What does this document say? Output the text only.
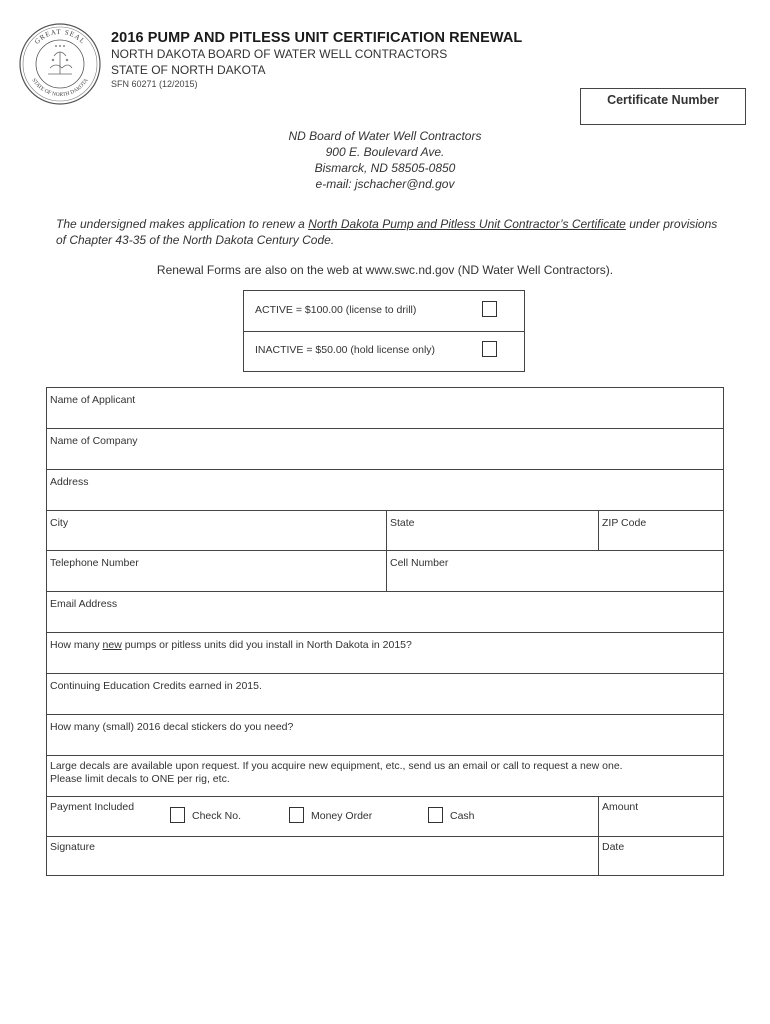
GREAT SEAL
STATE OF NORTH DAKOTA
2016 PUMP AND PITLESS UNIT CERTIFICATION RENEWAL
NORTH DAKOTA BOARD OF WATER WELL CONTRACTORS
STATE OF NORTH DAKOTA
SFN 60271 (12/2015)
Certificate Number
ND Board of Water Well Contractors
900 E. Boulevard Ave.
Bismarck, ND 58505-0850
e-mail: jschacher@nd.gov
The undersigned makes application to renew a North Dakota Pump and Pitless Unit Contractor’s Certificate under provisions of Chapter 43-35 of the North Dakota Century Code.
Renewal Forms are also on the web at www.swc.nd.gov (ND Water Well Contractors).
ACTIVE = $100.00 (license to drill)
INACTIVE = $50.00 (hold license only)
Name of Applicant
Name of Company
Address
City	State	ZIP Code
Telephone Number	Cell Number
Email Address
How many new pumps or pitless units did you install in North Dakota in 2015?
Continuing Education Credits earned in 2015.
How many (small) 2016 decal stickers do you need?
Large decals are available upon request. If you acquire new equipment, etc., send us an email or call to request a new one.
Please limit decals to ONE per rig, etc.
Payment Included
Check No.	Money Order	Cash
Amount
Signature	Date
